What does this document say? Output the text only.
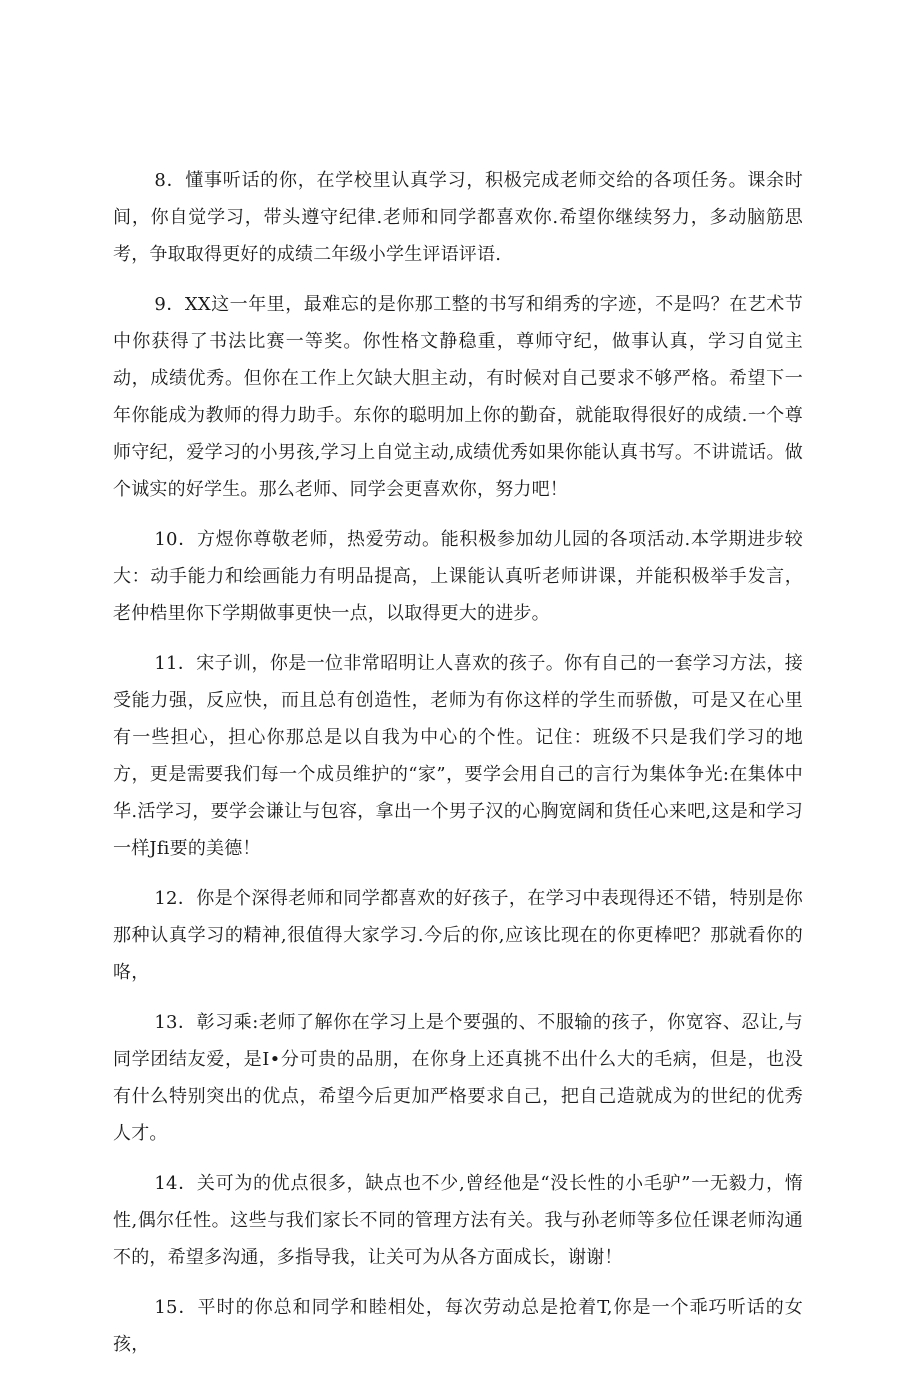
8．懂事听话的你，在学校里认真学习，积极完成老师交给的各项任务。课余时间，你自觉学习，带头遵守纪律.老师和同学都喜欢你.希望你继续努力，多动脑筋思考，争取取得更好的成绩二年级小学生评语评语.

9．XX这一年里，最难忘的是你那工整的书写和绢秀的字迹，不是吗？在艺术节中你获得了书法比赛一等奖。你性格文静稳重，尊师守纪，做事认真，学习自觉主动，成绩优秀。但你在工作上欠缺大胆主动，有时候对自己要求不够严格。希望下一年你能成为教师的得力助手。东你的聪明加上你的勤奋，就能取得很好的成绩.一个尊师守纪，爱学习的小男孩,学习上自觉主动,成绩优秀如果你能认真书写。不讲谎话。做个诚实的好学生。那么老师、同学会更喜欢你，努力吧！

10．方煜你尊敬老师，热爱劳动。能积极参加幼儿园的各项活动.本学期进步较大：动手能力和绘画能力有明品提高，上课能认真听老师讲课，并能积极举手发言，老仲梏里你下学期做事更快一点，以取得更大的进步。

11．宋子训，你是一位非常昭明让人喜欢的孩子。你有自己的一套学习方法，接受能力强，反应快，而且总有创造性，老师为有你这样的学生而骄傲，可是又在心里有一些担心，担心你那总是以自我为中心的个性。记住：班级不只是我们学习的地方，更是需要我们每一个成员维护的“家”，要学会用自己的言行为集体争光:在集体中华.活学习，要学会谦让与包容，拿出一个男子汉的心胸宽阔和货任心来吧,这是和学习一样Jfi要的美德！

12．你是个深得老师和同学都喜欢的好孩子，在学习中表现得还不错，特别是你那种认真学习的精神,很值得大家学习.今后的你,应该比现在的你更棒吧？那就看你的咯，

13．彰习乘:老师了解你在学习上是个要强的、不服输的孩子，你宽容、忍让,与同学团结友爱，是I•分可贵的品朋，在你身上还真挑不出什么大的毛病，但是，也没有什么特别突出的优点，希望今后更加严格要求自己，把自己造就成为的世纪的优秀人才。

14．关可为的优点很多，缺点也不少,曾经他是“没长性的小毛驴”一无毅力，惰性,偶尔任性。这些与我们家长不同的管理方法有关。我与孙老师等多位任课老师沟通不的，希望多沟通，多指导我，让关可为从各方面成长，谢谢！

15．平时的你总和同学和睦相处，每次劳动总是抢着T,你是一个乖巧听话的女孩，
